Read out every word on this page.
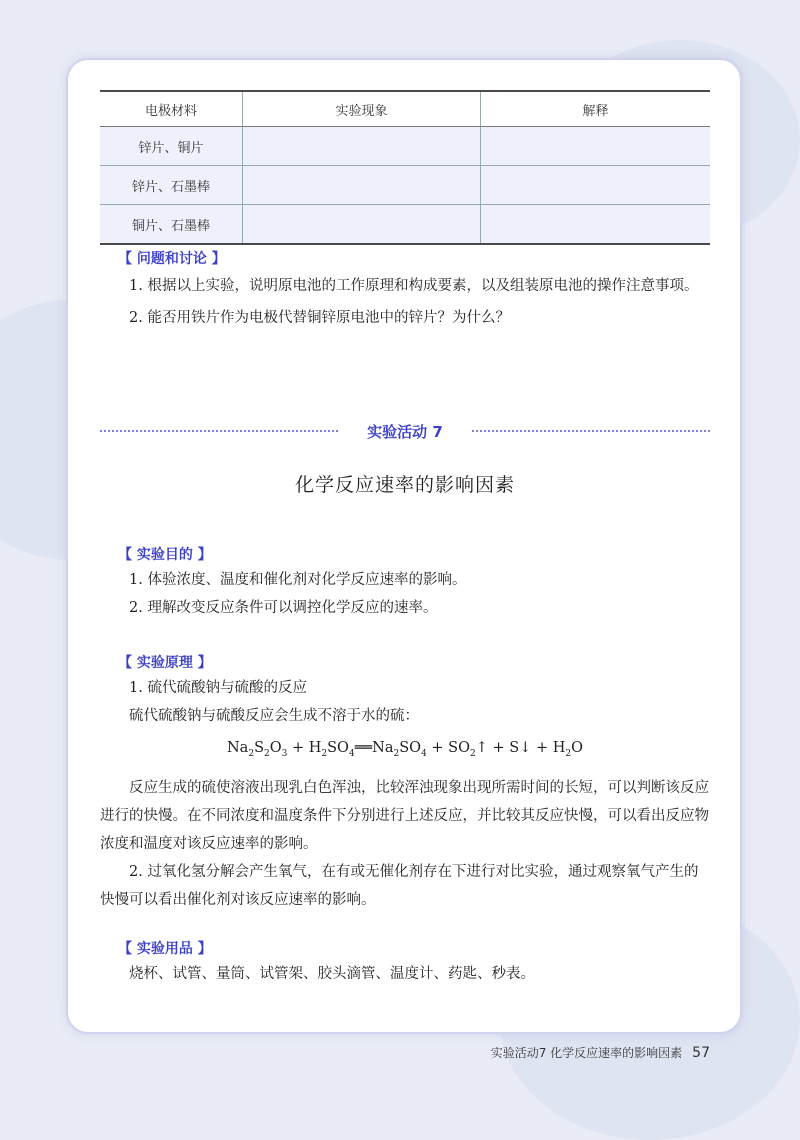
电极材料	实验现象	解释
锌片、铜片		
锌片、石墨棒		
铜片、石墨棒		
【 问题和讨论 】

1. 根据以上实验，说明原电池的工作原理和构成要素，以及组装原电池的操作注意事项。

2. 能否用铁片作为电极代替铜锌原电池中的锌片？为什么？

实验活动 7
化学反应速率的影响因素
【 实验目的 】

1. 体验浓度、温度和催化剂对化学反应速率的影响。

2. 理解改变反应条件可以调控化学反应的速率。

【 实验原理 】

1. 硫代硫酸钠与硫酸的反应

硫代硫酸钠与硫酸反应会生成不溶于水的硫：

$Na_2S_2O_3$ + $H_2SO_4══Na_2SO_4$ + $SO_2↑$ + S↓ + $H_2O$

反应生成的硫使溶液出现乳白色浑浊，比较浑浊现象出现所需时间的长短，可以判断该反应进行的快慢。在不同浓度和温度条件下分别进行上述反应，并比较其反应快慢，可以看出反应物浓度和温度对该反应速率的影响。

2. 过氧化氢分解会产生氧气，在有或无催化剂存在下进行对比实验，通过观察氧气产生的快慢可以看出催化剂对该反应速率的影响。

【 实验用品 】

烧杯、试管、量筒、试管架、胶头滴管、温度计、药匙、秒表。

实验活动7 化学反应速率的影响因素 57
